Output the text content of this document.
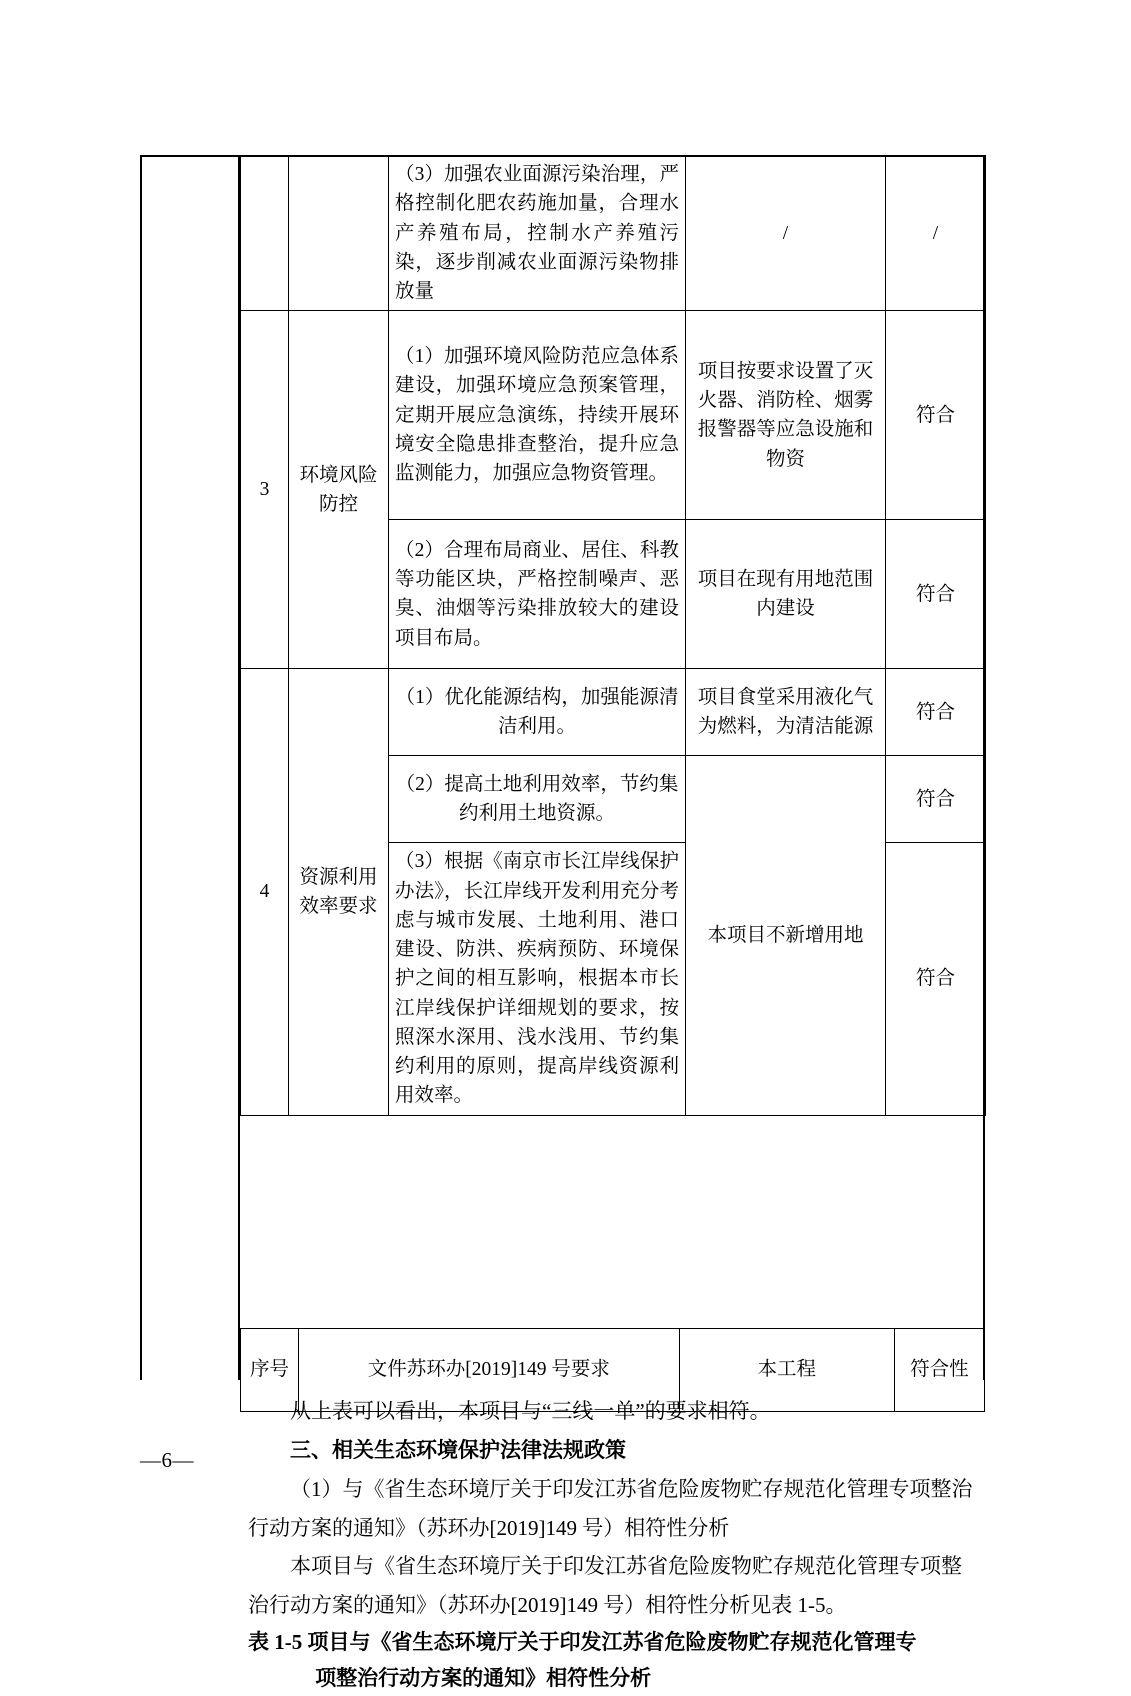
		（3）加强农业面源污染治理，严格控制化肥农药施加量，合理水产养殖布局，控制水产养殖污染，逐步削减农业面源污染物排放量	/	/
3	环境风险防控	（1）加强环境风险防范应急体系建设，加强环境应急预案管理，定期开展应急演练，持续开展环境安全隐患排查整治，提升应急监测能力，加强应急物资管理。	项目按要求设置了灭火器、消防栓、烟雾报警器等应急设施和物资	符合
		（2）合理布局商业、居住、科教等功能区块，严格控制噪声、恶臭、油烟等污染排放较大的建设项目布局。	项目在现有用地范围内建设	符合
4	资源利用效率要求	（1）优化能源结构，加强能源清洁利用。	项目食堂采用液化气为燃料，为清洁能源	符合
		（2）提高土地利用效率，节约集约利用土地资源。	本项目不新增用地	符合
		（3）根据《南京市长江岸线保护办法》，长江岸线开发利用充分考虑与城市发展、土地利用、港口建设、防洪、疾病预防、环境保护之间的相互影响，根据本市长江岸线保护详细规划的要求，按照深水深用、浅水浅用、节约集约利用的原则，提高岸线资源利用效率。		符合

从上表可以看出，本项目与“三线一单”的要求相符。

三、相关生态环境保护法律法规政策

（1）与《省生态环境厅关于印发江苏省危险废物贮存规范化管理专项整治行动方案的通知》（苏环办[2019]149 号）相符性分析

本项目与《省生态环境厅关于印发江苏省危险废物贮存规范化管理专项整治行动方案的通知》（苏环办[2019]149 号）相符性分析见表 1-5。

表 1-5 项目与《省生态环境厅关于印发江苏省危险废物贮存规范化管理专
项整治行动方案的通知》相符性分析

序号	文件苏环办[2019]149 号要求	本工程	符合性
—6—
